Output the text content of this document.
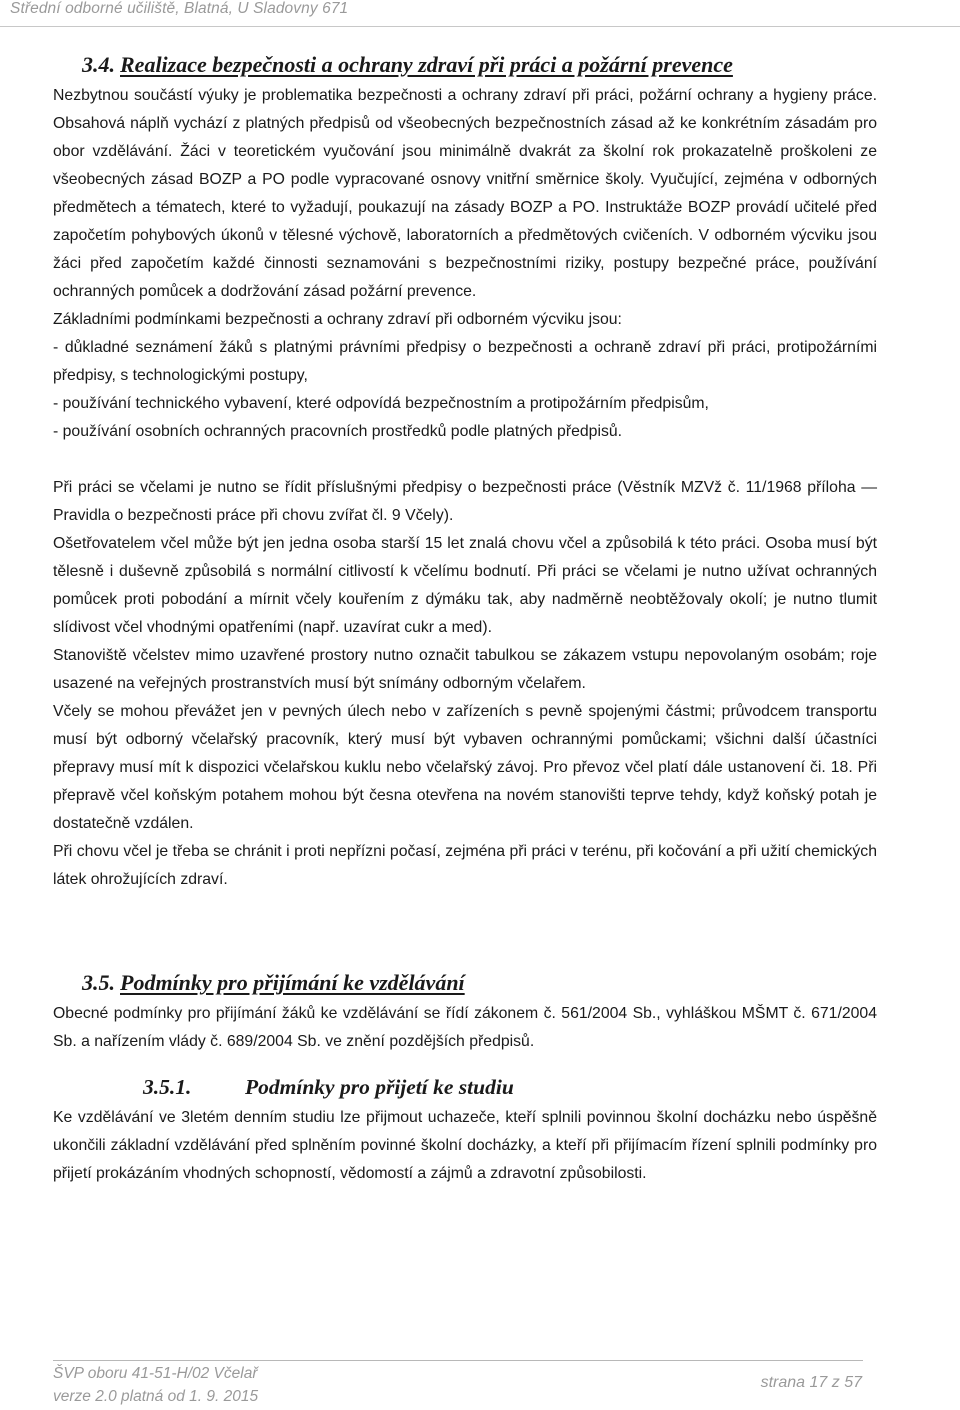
Střední odborné učiliště, Blatná, U Sladovny 671
3.4. Realizace bezpečnosti a ochrany zdraví při práci a požární prevence

Nezbytnou součástí výuky je problematika bezpečnosti a ochrany zdraví při práci, požární ochrany a hygieny práce. Obsahová náplň vychází z platných předpisů od všeobecných bezpečnostních zásad až ke konkrétním zásadám pro obor vzdělávání. Žáci v teoretickém vyučování jsou minimálně dvakrát za školní rok prokazatelně proškoleni ze všeobecných zásad BOZP a PO podle vypracované osnovy vnitřní směrnice školy. Vyučující, zejména v odborných předmětech a tématech, které to vyžadují, poukazují na zásady BOZP a PO. Instruktáže BOZP provádí učitelé před započetím pohybových úkonů v tělesné výchově, laboratorních a předmětových cvičeních. V odborném výcviku jsou žáci před započetím každé činnosti seznamováni s bezpečnostními riziky, postupy bezpečné práce, používání ochranných pomůcek a dodržování zásad požární prevence.

Základními podmínkami bezpečnosti a ochrany zdraví při odborném výcviku jsou:

- důkladné seznámení žáků s platnými právními předpisy o bezpečnosti a ochraně zdraví při práci, protipožárními předpisy, s technologickými postupy,
- používání technického vybavení, které odpovídá bezpečnostním a protipožárním předpisům,
- používání osobních ochranných pracovních prostředků podle platných předpisů.

Při práci se včelami je nutno se řídit příslušnými předpisy o bezpečnosti práce (Věstník MZVž č. 11/1968 příloha — Pravidla o bezpečnosti práce při chovu zvířat čl. 9 Včely).

Ošetřovatelem včel může být jen jedna osoba starší 15 let znalá chovu včel a způsobilá k této práci. Osoba musí být tělesně i duševně způsobilá s normální citlivostí k včelímu bodnutí. Při práci se včelami je nutno užívat ochranných pomůcek proti pobodání a mírnit včely kouřením z dýmáku tak, aby nadměrně neobtěžovaly okolí; je nutno tlumit slídivost včel vhodnými opatřeními (např. uzavírat cukr a med).

Stanoviště včelstev mimo uzavřené prostory nutno označit tabulkou se zákazem vstupu nepovolaným osobám; roje usazené na veřejných prostranstvích musí být snímány odborným včelařem.

Včely se mohou převážet jen v pevných úlech nebo v zařízeních s pevně spojenými částmi; průvodcem transportu musí být odborný včelařský pracovník, který musí být vybaven ochrannými pomůckami; všichni další účastníci přepravy musí mít k dispozici včelařskou kuklu nebo včelařský závoj. Pro převoz včel platí dále ustanovení či. 18. Při přepravě včel koňským potahem mohou být česna otevřena na novém stanovišti teprve tehdy, když koňský potah je dostatečně vzdálen.

Při chovu včel je třeba se chránit i proti nepřízni počasí, zejména při práci v terénu, při kočování a při užití chemických látek ohrožujících zdraví.

3.5. Podmínky pro přijímání ke vzdělávání

Obecné podmínky pro přijímání žáků ke vzdělávání se řídí zákonem č. 561/2004 Sb., vyhláškou MŠMT č. 671/2004 Sb. a nařízením vlády č. 689/2004 Sb. ve znění pozdějších předpisů.

3.5.1. Podmínky pro přijetí ke studiu

Ke vzdělávání ve 3letém denním studiu lze přijmout uchazeče, kteří splnili povinnou školní docházku nebo úspěšně ukončili základní vzdělávání před splněním povinné školní docházky, a kteří při přijímacím řízení splnili podmínky pro přijetí prokázáním vhodných schopností, vědomostí a zájmů a zdravotní způsobilosti.

ŠVP oboru 41-51-H/02 Včelař
verze 2.0 platná od 1. 9. 2015
strana 17 z 57
